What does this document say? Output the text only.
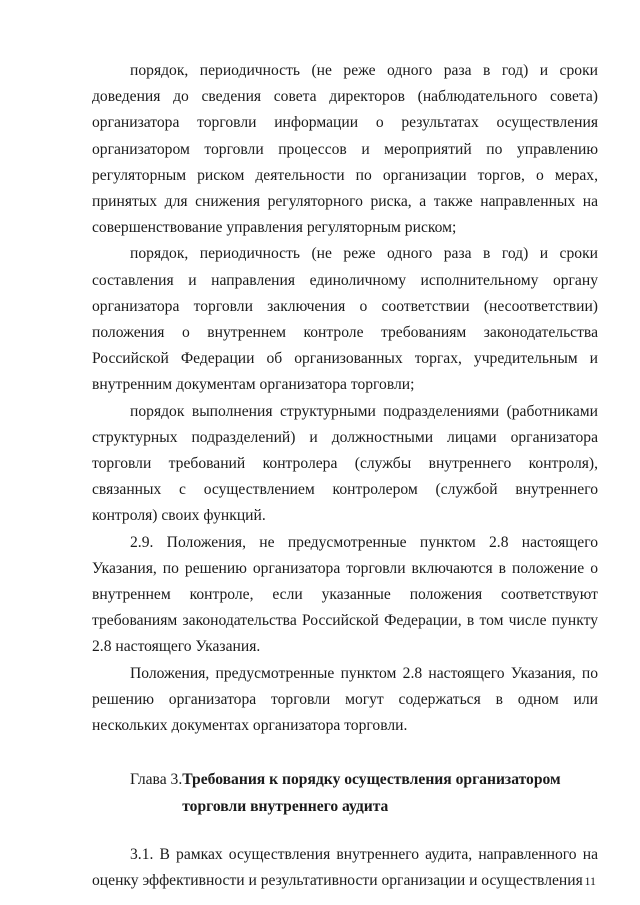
порядок, периодичность (не реже одного раза в год) и сроки доведения до сведения совета директоров (наблюдательного совета) организатора торговли информации о результатах осуществления организатором торговли процессов и мероприятий по управлению регуляторным риском деятельности по организации торгов, о мерах, принятых для снижения регуляторного риска, а также направленных на совершенствование управления регуляторным риском;

порядок, периодичность (не реже одного раза в год) и сроки составления и направления единоличному исполнительному органу организатора торговли заключения о соответствии (несоответствии) положения о внутреннем контроле требованиям законодательства Российской Федерации об организованных торгах, учредительным и внутренним документам организатора торговли;

порядок выполнения структурными подразделениями (работниками структурных подразделений) и должностными лицами организатора торговли требований контролера (службы внутреннего контроля), связанных с осуществлением контролером (службой внутреннего контроля) своих функций.

2.9. Положения, не предусмотренные пунктом 2.8 настоящего Указания, по решению организатора торговли включаются в положение о внутреннем контроле, если указанные положения соответствуют требованиям законодательства Российской Федерации, в том числе пункту 2.8 настоящего Указания.

Положения, предусмотренные пунктом 2.8 настоящего Указания, по решению организатора торговли могут содержаться в одном или нескольких документах организатора торговли.

Глава 3. Требования к порядку осуществления организатором
торговли внутреннего аудита

3.1. В рамках осуществления внутреннего аудита, направленного на оценку эффективности и результативности организации и осуществления 11
